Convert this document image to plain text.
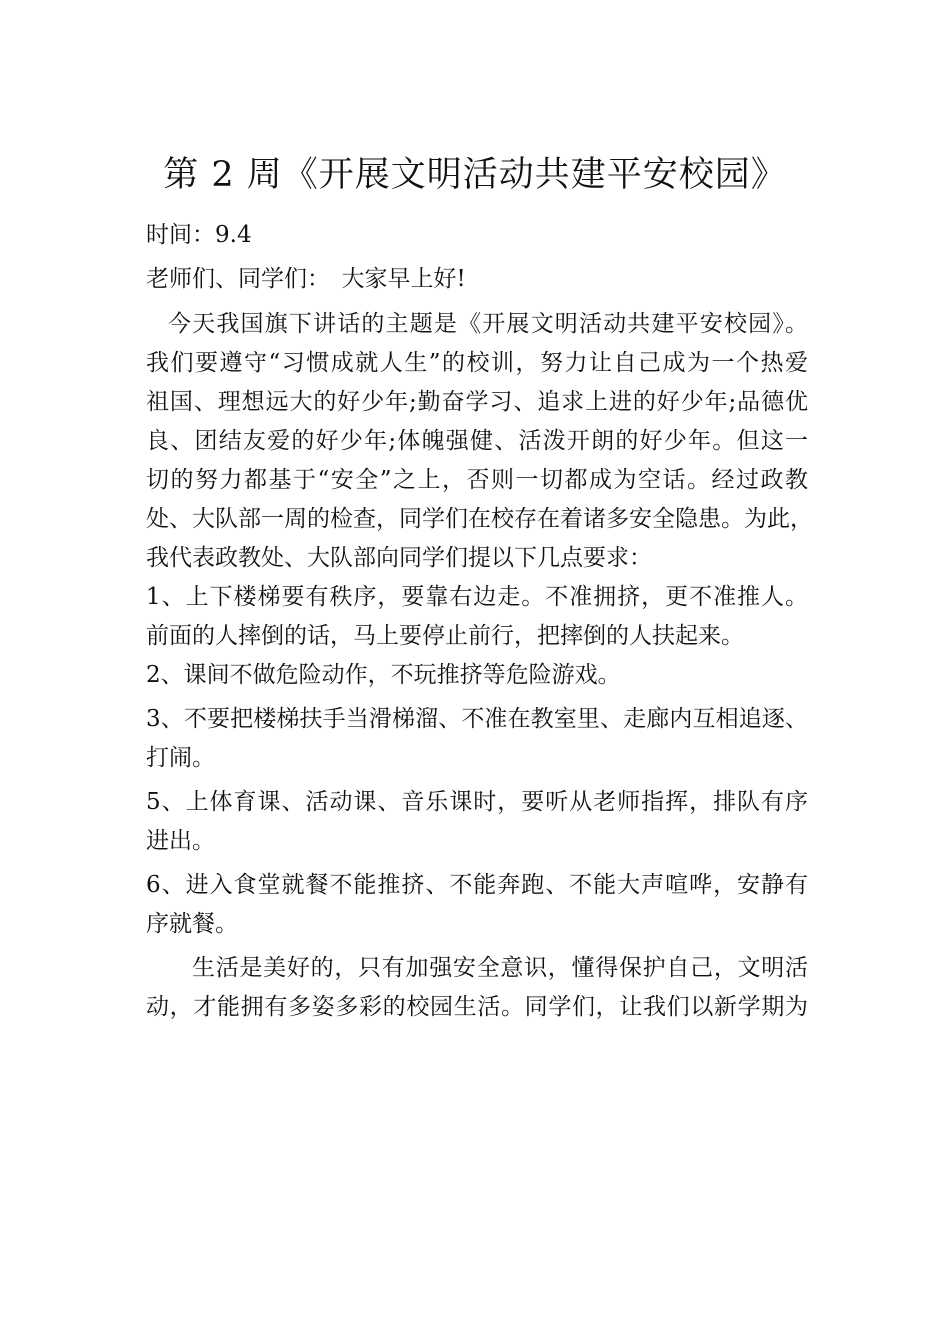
第 2 周《开展文明活动共建平安校园》
时间：9.4
老师们、同学们：　大家早上好!
今天我国旗下讲话的主题是《开展文明活动共建平安校园》。
我们要遵守“习惯成就人生”的校训，努力让自己成为一个热爱
祖国、理想远大的好少年;勤奋学习、追求上进的好少年;品德优
良、团结友爱的好少年;体魄强健、活泼开朗的好少年。但这一
切的努力都基于“安全”之上，否则一切都成为空话。经过政教
处、大队部一周的检查，同学们在校存在着诸多安全隐患。为此，
我代表政教处、大队部向同学们提以下几点要求：
1、上下楼梯要有秩序，要靠右边走。不准拥挤，更不准推人。
前面的人摔倒的话，马上要停止前行，把摔倒的人扶起来。
2、课间不做危险动作，不玩推挤等危险游戏。
3、不要把楼梯扶手当滑梯溜、不准在教室里、走廊内互相追逐、
打闹。
5、上体育课、活动课、音乐课时，要听从老师指挥，排队有序
进出。
6、进入食堂就餐不能推挤、不能奔跑、不能大声喧哗，安静有
序就餐。
生活是美好的，只有加强安全意识，懂得保护自己，文明活
动，才能拥有多姿多彩的校园生活。同学们，让我们以新学期为
